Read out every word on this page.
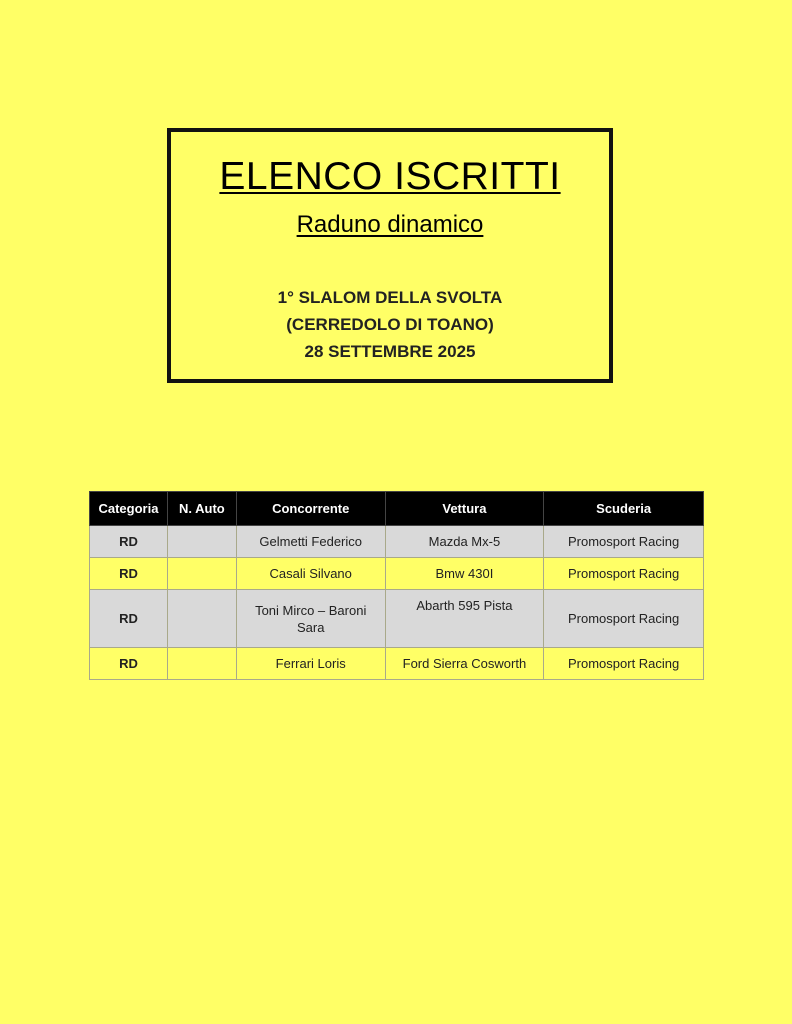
ELENCO ISCRITTI
Raduno dinamico
1° SLALOM DELLA SVOLTA
(CERREDOLO DI TOANO)
28 SETTEMBRE 2025
Categoria	N. Auto	Concorrente	Vettura	Scuderia
RD		Gelmetti Federico	Mazda Mx-5	Promosport Racing
RD		Casali Silvano	Bmw 430I	Promosport Racing
RD		Toni Mirco – Baroni Sara	Abarth 595 Pista	Promosport Racing
RD		Ferrari Loris	Ford Sierra Cosworth	Promosport Racing
